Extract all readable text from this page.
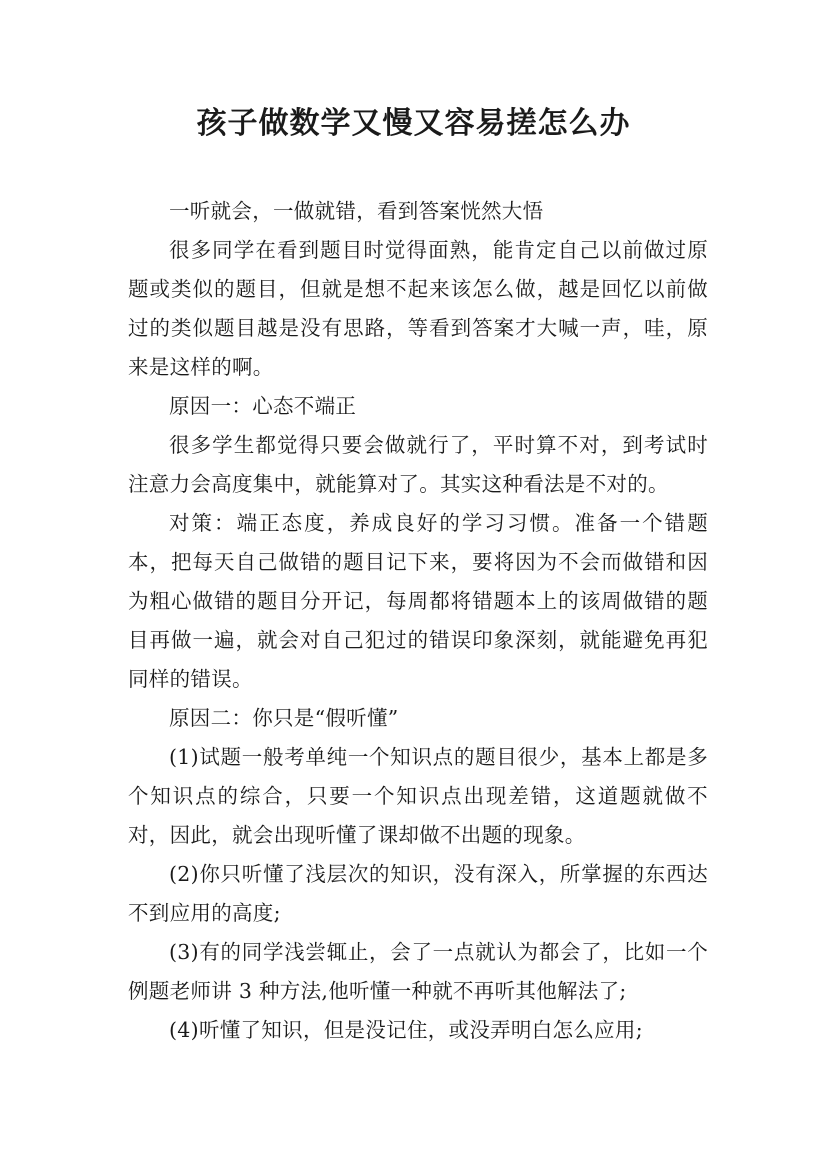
孩子做数学又慢又容易搓怎么办

一听就会，一做就错，看到答案恍然大悟

很多同学在看到题目时觉得面熟，能肯定自己以前做过原题或类似的题目，但就是想不起来该怎么做，越是回忆以前做过的类似题目越是没有思路，等看到答案才大喊一声，哇，原来是这样的啊。

原因一：心态不端正

很多学生都觉得只要会做就行了，平时算不对，到考试时注意力会高度集中，就能算对了。其实这种看法是不对的。

对策：端正态度，养成良好的学习习惯。准备一个错题本，把每天自己做错的题目记下来，要将因为不会而做错和因为粗心做错的题目分开记，每周都将错题本上的该周做错的题目再做一遍，就会对自己犯过的错误印象深刻，就能避免再犯同样的错误。

原因二：你只是“假听懂”

(1)试题一般考单纯一个知识点的题目很少，基本上都是多个知识点的综合，只要一个知识点出现差错，这道题就做不对，因此，就会出现听懂了课却做不出题的现象。

(2)你只听懂了浅层次的知识，没有深入，所掌握的东西达不到应用的高度;

(3)有的同学浅尝辄止，会了一点就认为都会了，比如一个例题老师讲 3 种方法,他听懂一种就不再听其他解法了;

(4)听懂了知识，但是没记住，或没弄明白怎么应用;
